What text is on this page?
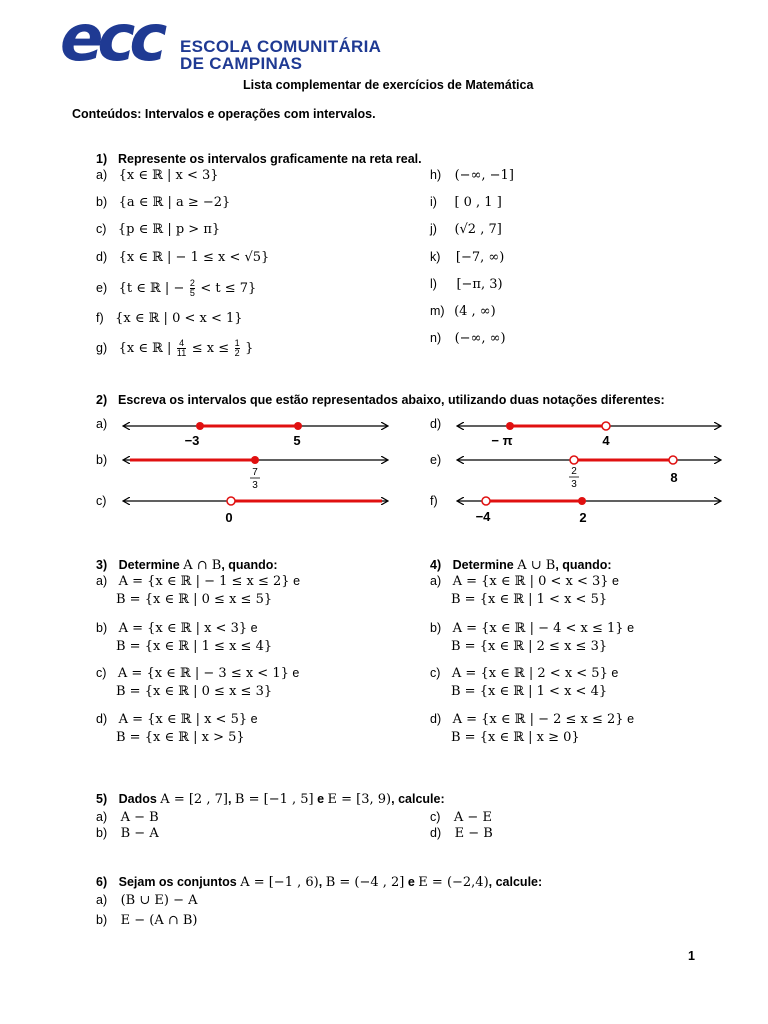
ecc	ESCOLA COMUNITÁRIA
DE CAMPINAS
Lista complementar de exercícios de Matemática
Conteúdos: Intervalos e operações com intervalos.
1) Represente os intervalos graficamente na reta real.
a) {x ∈ ℝ | x < 3}
b) {a ∈ ℝ | a ≥ −2}
c) {p ∈ ℝ | p > π}
d) {x ∈ ℝ | − 1 ≤ x < √5}
e) {t ∈ ℝ | − $\frac{2}{5} < t \le 7$}
f) {x ∈ ℝ | 0 < x < 1}
g) {x ∈ ℝ | $\frac{4}{11} \le x \le \frac{1}{2}$ }
h) (−∞, −1]
i) [ 0 , 1 ]
j) (√2 , 7]
k) [−7, ∞)
l) [−π, 3)
m) (4 , ∞)
n) (−∞, ∞)
2) Escreva os intervalos que estão representados abaixo, utilizando duas notações diferentes:
a)
b)
c)
d)
e)
f)
−3	5
7
3
0
− π	4
2
3	8
−4	2
3) Determine A ∩ B, quando:
a) A = {x ∈ ℝ | − 1 ≤ x ≤ 2} e
B = {x ∈ ℝ | 0 ≤ x ≤ 5}
b) A = {x ∈ ℝ | x < 3} e
B = {x ∈ ℝ | 1 ≤ x ≤ 4}
c) A = {x ∈ ℝ | − 3 ≤ x < 1} e
B = {x ∈ ℝ | 0 ≤ x ≤ 3}
d) A = {x ∈ ℝ | x < 5} e
B = {x ∈ ℝ | x > 5}
4) Determine A ∪ B, quando:
a) A = {x ∈ ℝ | 0 < x < 3} e
B = {x ∈ ℝ | 1 < x < 5}
b) A = {x ∈ ℝ | − 4 < x ≤ 1} e
B = {x ∈ ℝ | 2 ≤ x ≤ 3}
c) A = {x ∈ ℝ | 2 < x < 5} e
B = {x ∈ ℝ | 1 < x < 4}
d) A = {x ∈ ℝ | − 2 ≤ x ≤ 2} e
B = {x ∈ ℝ | x ≥ 0}
5) Dados A = [2 , 7], B = [−1 , 5] e E = [3, 9), calcule:
a) A − B
b) B − A
c) A − E
d) E − B
6) Sejam os conjuntos A = [−1 , 6), B = (−4 , 2] e E = (−2,4), calcule:
a) (B ∪ E) − A
b) E − (A ∩ B)
1
